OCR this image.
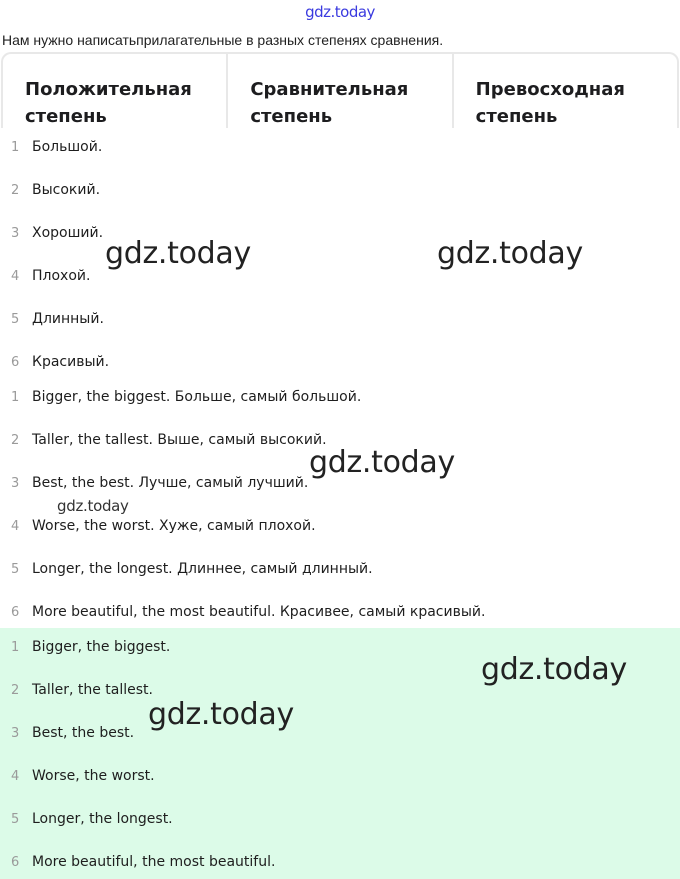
gdz.today
Нам нужно написатьприлагательные в разных степенях сравнения.
Положительная
степень
Сравнительная
степень
Превосходная
степень
1 Большой.
2 Высокий.
3 Хороший.
4 Плохой.
5 Длинный.
6 Красивый.
1 Bigger, the biggest. Больше, самый большой.
2 Taller, the tallest. Выше, самый высокий.
3 Best, the best. Лучше, самый лучший.
4 Worse, the worst. Хуже, самый плохой.
5 Longer, the longest. Длиннее, самый длинный.
6 More beautiful, the most beautiful. Красивее, самый красивый.
1 Bigger, the biggest.
2 Taller, the tallest.
3 Best, the best.
4 Worse, the worst.
5 Longer, the longest.
6 More beautiful, the most beautiful.
gdz.today	gdz.today
gdz.today
gdz.today
gdz.today
gdz.today
